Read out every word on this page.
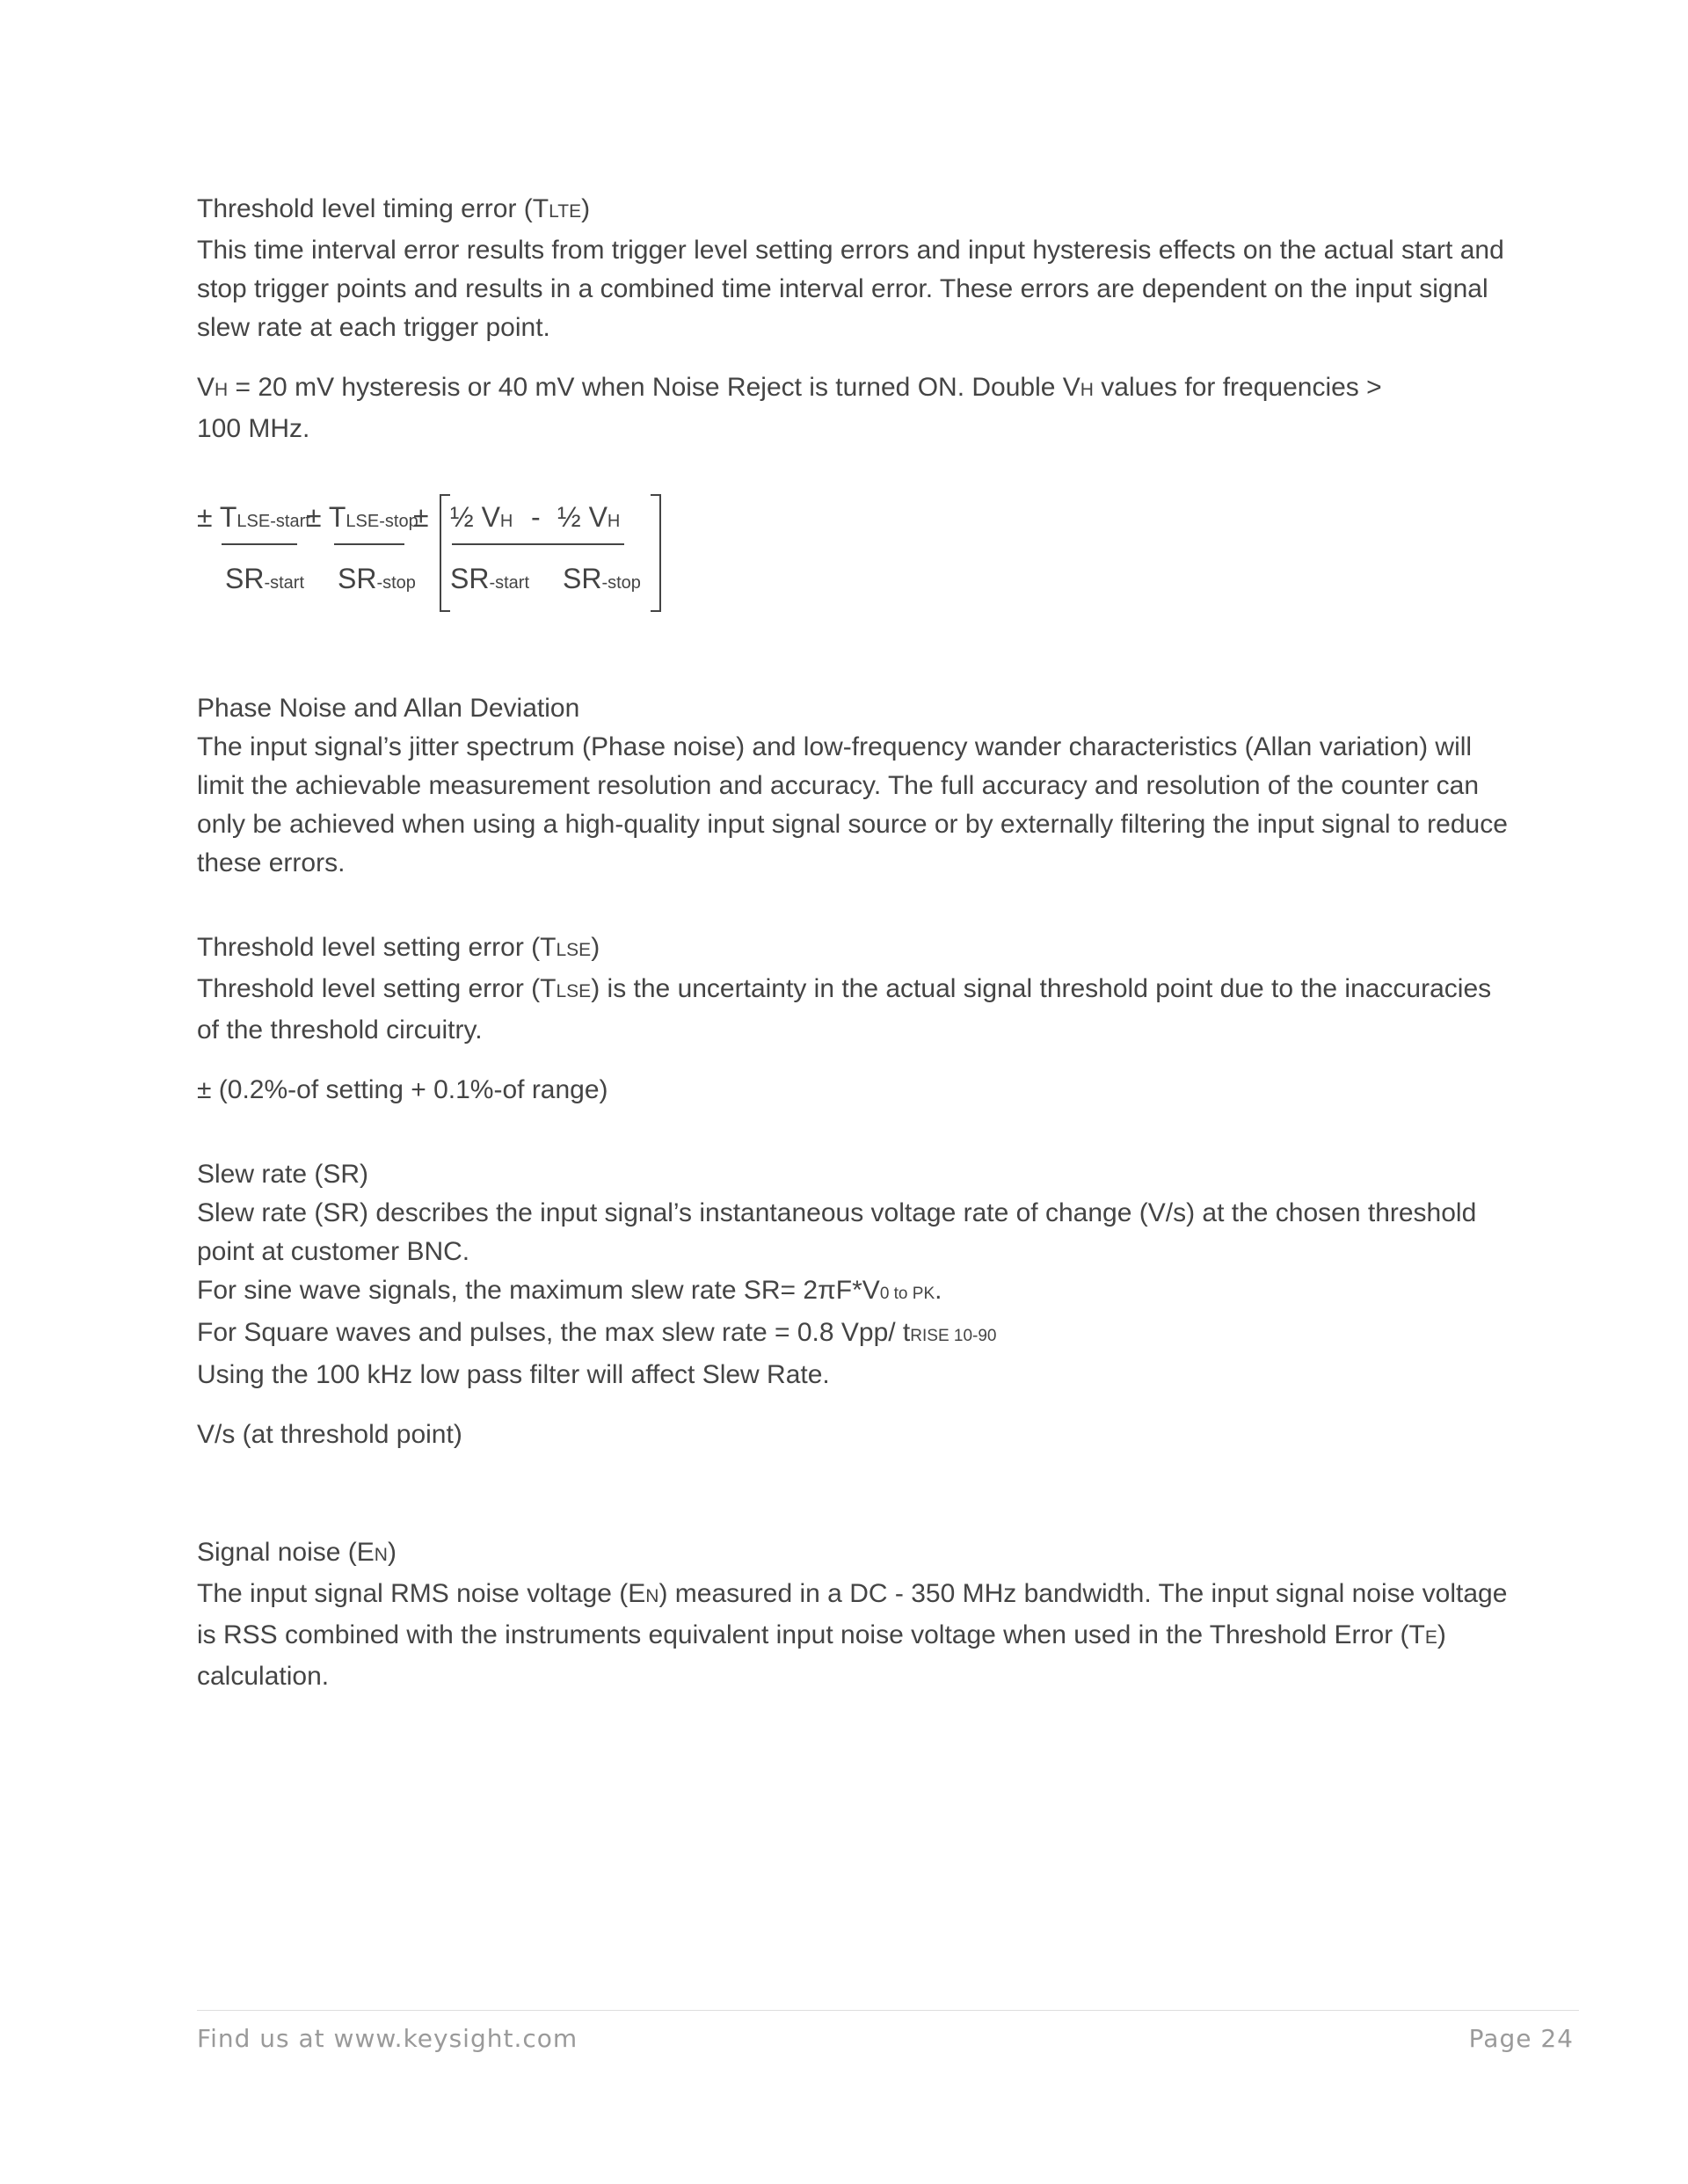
Threshold level timing error (TLTE)

This time interval error results from trigger level setting errors and input hysteresis effects on the actual start and stop trigger points and results in a combined time interval error. These errors are dependent on the input signal slew rate at each trigger point.

VH = 20 mV hysteresis or 40 mV when Noise Reject is turned ON. Double VH values for frequencies > 100 MHz.

± TLSE-start
± TLSE-stop
± ½ VH - ½ VH
SR-start SR-stop SR-start SR-stop

Phase Noise and Allan Deviation

The input signal’s jitter spectrum (Phase noise) and low-frequency wander characteristics (Allan variation) will limit the achievable measurement resolution and accuracy. The full accuracy and resolution of the counter can only be achieved when using a high-quality input signal source or by externally filtering the input signal to reduce these errors.

Threshold level setting error (TLSE)

Threshold level setting error (TLSE) is the uncertainty in the actual signal threshold point due to the inaccuracies of the threshold circuitry.

± (0.2%-of setting + 0.1%-of range)

Slew rate (SR)

Slew rate (SR) describes the input signal’s instantaneous voltage rate of change (V/s) at the chosen threshold point at customer BNC.

For sine wave signals, the maximum slew rate SR= 2πF*V0 to PK.

For Square waves and pulses, the max slew rate = 0.8 Vpp/ tRISE 10-90

Using the 100 kHz low pass filter will affect Slew Rate.

V/s (at threshold point)

Signal noise (EN)

The input signal RMS noise voltage (EN) measured in a DC - 350 MHz bandwidth. The input signal noise voltage is RSS combined with the instruments equivalent input noise voltage when used in the Threshold Error (TE) calculation.

Find us at www.keysight.com	Page 24
